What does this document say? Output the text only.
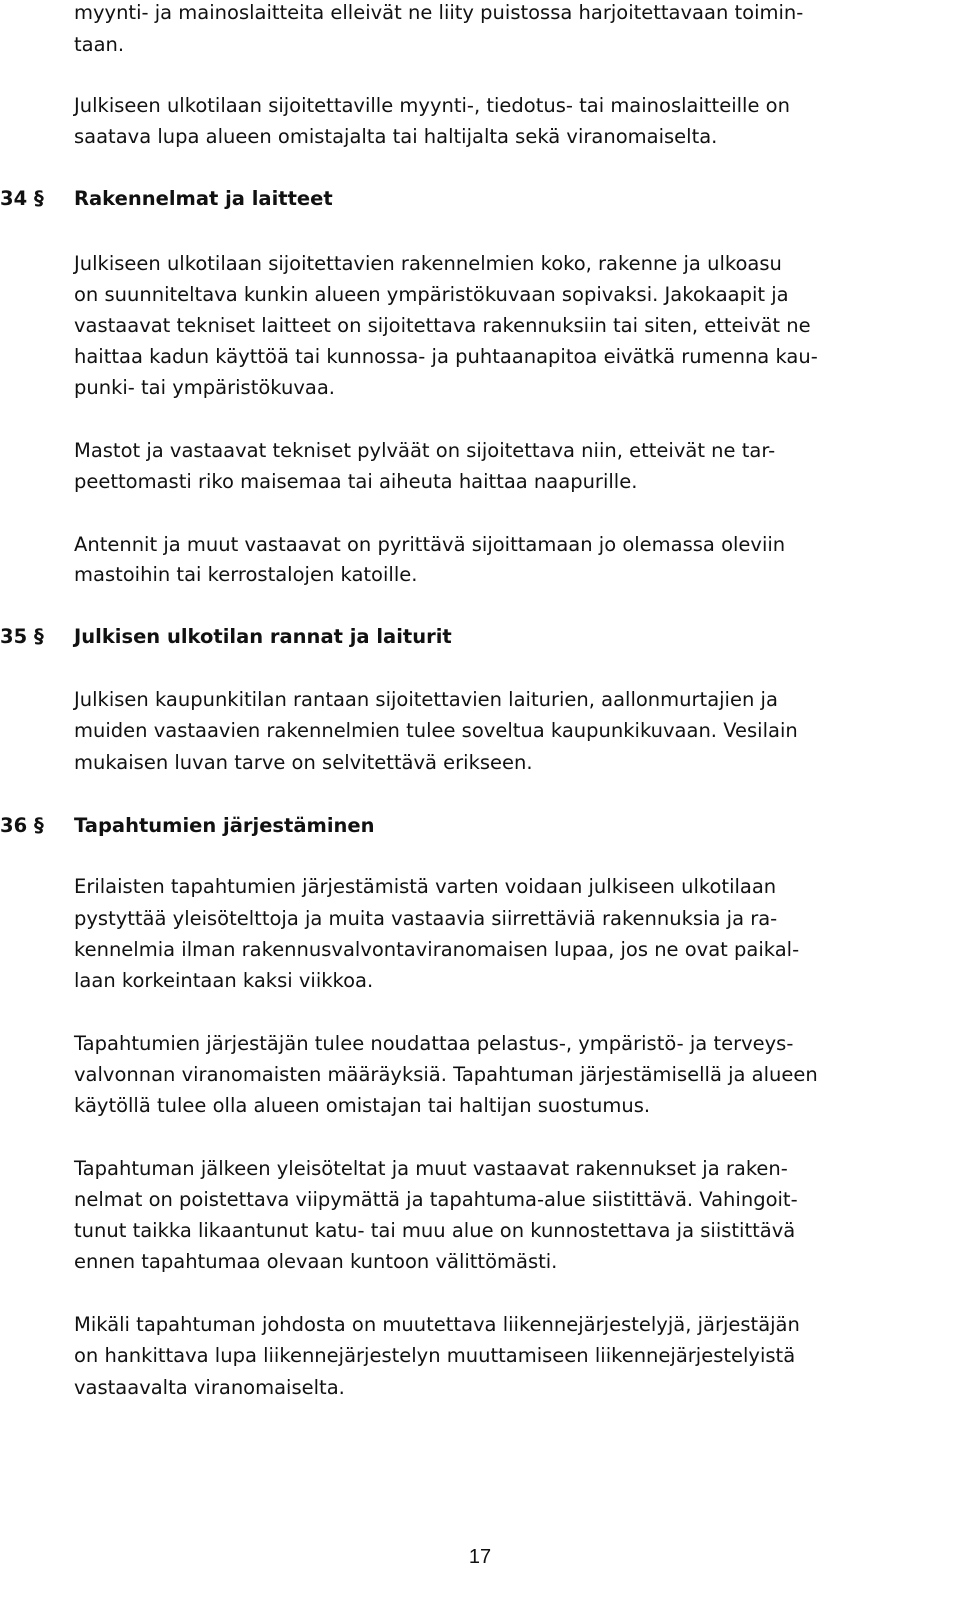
myynti- ja mainoslaitteita elleivät ne liity puistossa harjoitettavaan toimin-

taan.

Julkiseen ulkotilaan sijoitettaville myynti-, tiedotus- tai mainoslaitteille on

saatava lupa alueen omistajalta tai haltijalta sekä viranomaiselta.

34 § Rakennelmat ja laitteet

Julkiseen ulkotilaan sijoitettavien rakennelmien koko, rakenne ja ulkoasu

on suunniteltava kunkin alueen ympäristökuvaan sopivaksi. Jakokaapit ja

vastaavat tekniset laitteet on sijoitettava rakennuksiin tai siten, etteivät ne

haittaa kadun käyttöä tai kunnossa- ja puhtaanapitoa eivätkä rumenna kau-

punki- tai ympäristökuvaa.

Mastot ja vastaavat tekniset pylväät on sijoitettava niin, etteivät ne tar-

peettomasti riko maisemaa tai aiheuta haittaa naapurille.

Antennit ja muut vastaavat on pyrittävä sijoittamaan jo olemassa oleviin

mastoihin tai kerrostalojen katoille.

35 § Julkisen ulkotilan rannat ja laiturit

Julkisen kaupunkitilan rantaan sijoitettavien laiturien, aallonmurtajien ja

muiden vastaavien rakennelmien tulee soveltua kaupunkikuvaan. Vesilain

mukaisen luvan tarve on selvitettävä erikseen.

36 § Tapahtumien järjestäminen

Erilaisten tapahtumien järjestämistä varten voidaan julkiseen ulkotilaan

pystyttää yleisötelttoja ja muita vastaavia siirrettäviä rakennuksia ja ra-

kennelmia ilman rakennusvalvontaviranomaisen lupaa, jos ne ovat paikal-

laan korkeintaan kaksi viikkoa.

Tapahtumien järjestäjän tulee noudattaa pelastus-, ympäristö- ja terveys-

valvonnan viranomaisten määräyksiä. Tapahtuman järjestämisellä ja alueen

käytöllä tulee olla alueen omistajan tai haltijan suostumus.

Tapahtuman jälkeen yleisöteltat ja muut vastaavat rakennukset ja raken-

nelmat on poistettava viipymättä ja tapahtuma-alue siistittävä. Vahingoit-

tunut taikka likaantunut katu- tai muu alue on kunnostettava ja siistittävä

ennen tapahtumaa olevaan kuntoon välittömästi.

Mikäli tapahtuman johdosta on muutettava liikennejärjestelyjä, järjestäjän

on hankittava lupa liikennejärjestelyn muuttamiseen liikennejärjestelyistä

vastaavalta viranomaiselta.

17
